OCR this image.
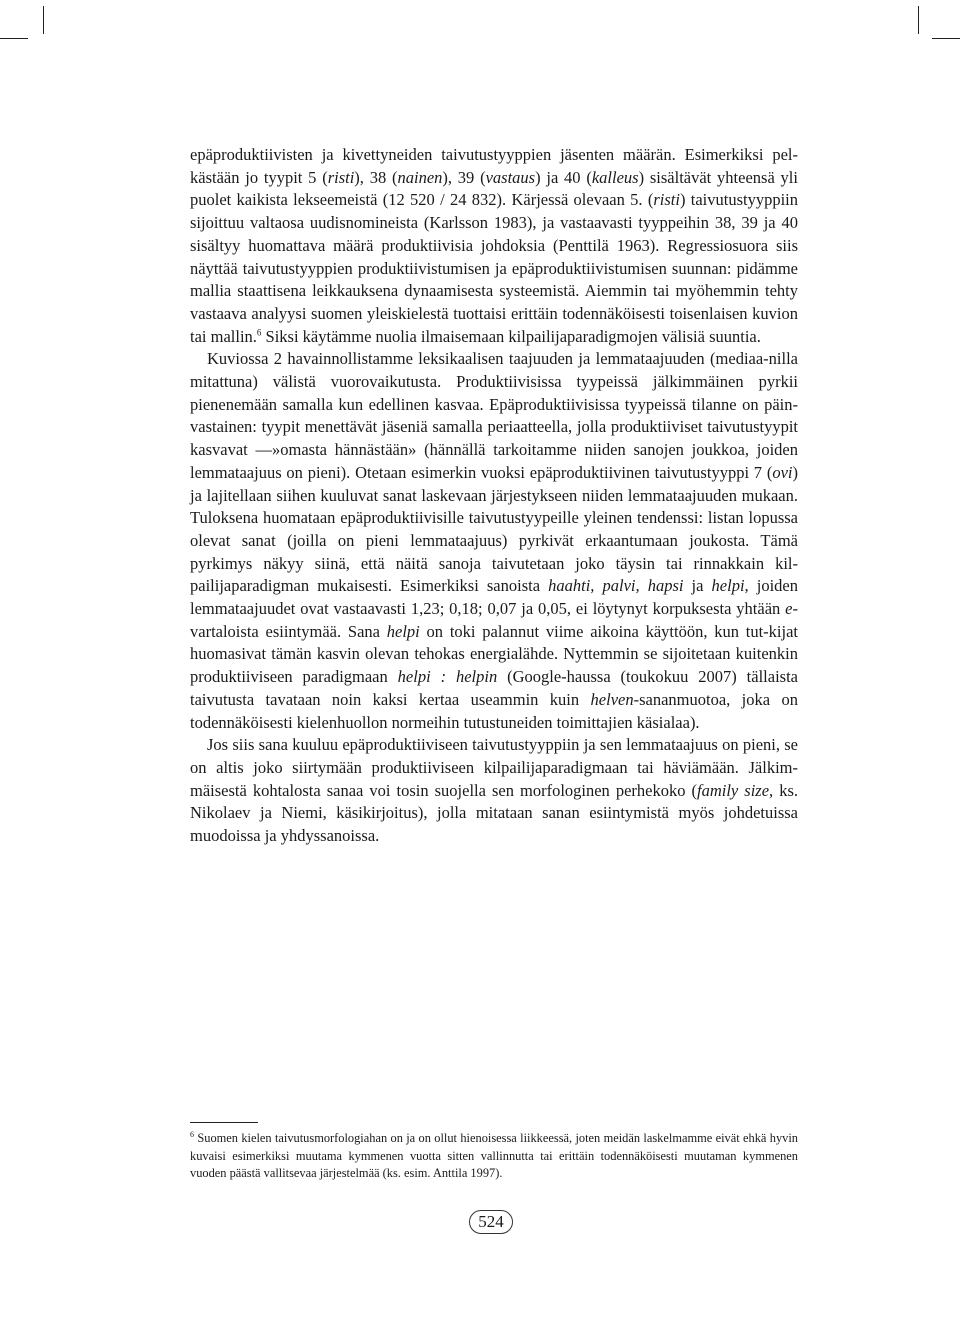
epäproduktiivisten ja kivettyneiden taivutustyyppien jäsenten määrän. Esimerkiksi pel-kästään jo tyypit 5 (risti), 38 (nainen), 39 (vastaus) ja 40 (kalleus) sisältävät yhteensä yli puolet kaikista lekseemeistä (12 520 / 24 832). Kärjessä olevaan 5. (risti) taivutustyyppiin sijoittuu valtaosa uudisnomineista (Karlsson 1983), ja vastaavasti tyyppeihin 38, 39 ja 40 sisältyy huomattava määrä produktiivisia johdoksia (Penttilä 1963). Regressiosuora siis näyttää taivutustyyppien produktiivistumisen ja epäproduktiivistumisen suunnan: pidämme mallia staattisena leikkauksena dynaamisesta systeemistä. Aiemmin tai myöhemmin tehty vastaava analyysi suomen yleiskielestä tuottaisi erittäin todennäköisesti toisenlaisen kuvion tai mallin.$^6$ Siksi käytämme nuolia ilmaisemaan kilpailijaparadigmojen välisiä suuntia.

Kuviossa 2 havainnollistamme leksikaalisen taajuuden ja lemmataajuuden (mediaa-nilla mitattuna) välistä vuorovaikutusta. Produktiivisissa tyypeissä jälkimmäinen pyrkii pienenemään samalla kun edellinen kasvaa. Epäproduktiivisissa tyypeissä tilanne on päin-vastainen: tyypit menettävät jäseniä samalla periaatteella, jolla produktiiviset taivutustyypit kasvavat —»omasta hännästään» (hännällä tarkoitamme niiden sanojen joukkoa, joiden lemmataajuus on pieni). Otetaan esimerkin vuoksi epäproduktiivinen taivutustyyppi 7 (ovi) ja lajitellaan siihen kuuluvat sanat laskevaan järjestykseen niiden lemmataajuuden mukaan. Tuloksena huomataan epäproduktiivisille taivutustyypeille yleinen tendenssi: listan lopussa olevat sanat (joilla on pieni lemmataajuus) pyrkivät erkaantumaan joukosta. Tämä pyrkimys näkyy siinä, että näitä sanoja taivutetaan joko täysin tai rinnakkain kil-pailijaparadigman mukaisesti. Esimerkiksi sanoista haahti, palvi, hapsi ja helpi, joiden lemmataajuudet ovat vastaavasti 1,23; 0,18; 0,07 ja 0,05, ei löytynyt korpuksesta yhtään e-vartaloista esiintymää. Sana helpi on toki palannut viime aikoina käyttöön, kun tut-kijat huomasivat tämän kasvin olevan tehokas energialähde. Nyttemmin se sijoitetaan kuitenkin produktiiviseen paradigmaan helpi : helpin (Google-haussa (toukokuu 2007) tällaista taivutusta tavataan noin kaksi kertaa useammin kuin helven-sananmuotoa, joka on todennäköisesti kielenhuollon normeihin tutustuneiden toimittajien käsialaa).

Jos siis sana kuuluu epäproduktiiviseen taivutustyyppiin ja sen lemmataajuus on pieni, se on altis joko siirtymään produktiiviseen kilpailijaparadigmaan tai häviämään. Jälkim-mäisestä kohtalosta sanaa voi tosin suojella sen morfologinen perhekoko (family size, ks. Nikolaev ja Niemi, käsikirjoitus), jolla mitataan sanan esiintymistä myös johdetuissa muodoissa ja yhdyssanoissa.

$^6$ Suomen kielen taivutusmorfologiahan on ja on ollut hienoisessa liikkeessä, joten meidän laskelmamme eivät ehkä hyvin kuvaisi esimerkiksi muutama kymmenen vuotta sitten vallinnutta tai erittäin todennäköisesti muutaman kymmenen vuoden päästä vallitsevaa järjestelmää (ks. esim. Anttila 1997).
524
